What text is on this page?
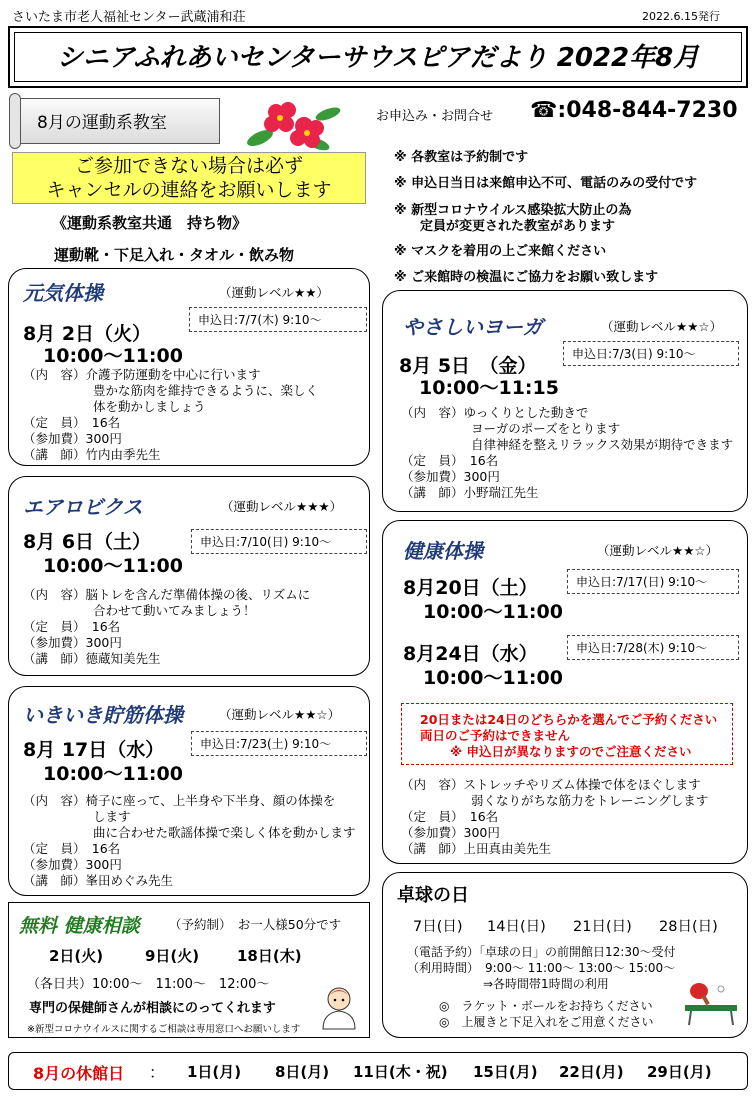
さいたま市老人福祉センター武蔵浦和荘	2022.6.15発行
シニアふれあいセンターサウスピアだより 2022年8月
8月の運動系教室	お申込み・お問合せ ☎:048-844-7230
ご参加できない場合は必ず
キャンセルの連絡をお願いします
《運動系教室共通　持ち物》
運動靴・下足入れ・タオル・飲み物
※ 各教室は予約制です
※ 申込日当日は来館申込不可、電話のみの受付です
※ 新型コロナウイルス感染拡大防止の為
　　定員が変更された教室があります
※ マスクを着用の上ご来館ください
※ ご来館時の検温にご協力をお願い致します
元気体操	（運動レベル★★）
申込日:7/7(木) 9:10～
8月 2日（火）
10:00～11:00
（内　容）介護予防運動を中心に行います
豊かな筋肉を維持できるように、楽しく
体を動かしましょう
（定　員）　16名
（参加費）300円
（講　師）竹内由季先生
エアロビクス	（運動レベル★★★）
申込日:7/10(日) 9:10～
8月 6日（土）
10:00～11:00
（内　容）脳トレを含んだ準備体操の後、リズムに
合わせて動いてみましょう！
（定　員）　16名
（参加費）300円
（講　師）德蔵知美先生
いきいき貯筋体操	（運動レベル★★☆）
申込日:7/23(土) 9:10～
8月 17日（水）
10:00～11:00
（内　容）椅子に座って、上半身や下半身、顔の体操を
します
曲に合わせた歌謡体操で楽しく体を動かします
（定　員）　16名
（参加費）300円
（講　師）峯田めぐみ先生
やさしいヨーガ	（運動レベル★★☆）
申込日:7/3(日) 9:10～
8月 5日　（金）
10:00～11:15
（内　容）ゆっくりとした動きで
ヨーガのポーズをとります
自律神経を整えリラックス効果が期待できます
（定　員）　16名
（参加費）300円
（講　師）小野瑞江先生
健康体操	（運動レベル★★☆）
申込日:7/17(日) 9:10～
8月20日（土）
10:00～11:00
申込日:7/28(木) 9:10～
8月24日（水）
10:00～11:00
20日または24日のどちらかを選んでご予約ください
両日のご予約はできません
※ 申込日が異なりますのでご注意ください
（内　容）ストレッチやリズム体操で体をほぐします
弱くなりがちな筋力をトレーニングします
（定　員）　16名
（参加費）300円
（講　師）上田真由美先生
無料 健康相談 （予約制）　お一人様50分です
2日(火)	9日(火)	18日(木)
（各日共）10:00～　11:00～　12:00～
専門の保健師さんが相談にのってくれます
※新型コロナウイルスに関するご相談は専用窓口へお願いします
卓球の日
7日(日) 14日(日) 21日(日) 28日(日)
（電話予約）「卓球の日」の前開館日12:30～受付
（利用時間）　9:00～ 11:00～ 13:00～ 15:00～
⇒各時間帯1時間の利用
◎　ラケット・ボールをお持ちください
◎　上履きと下足入れをご用意ください
8月の休館日 ： 1日(月) 8日(月) 11日(木・祝) 15日(月) 22日(月) 29日(月)
